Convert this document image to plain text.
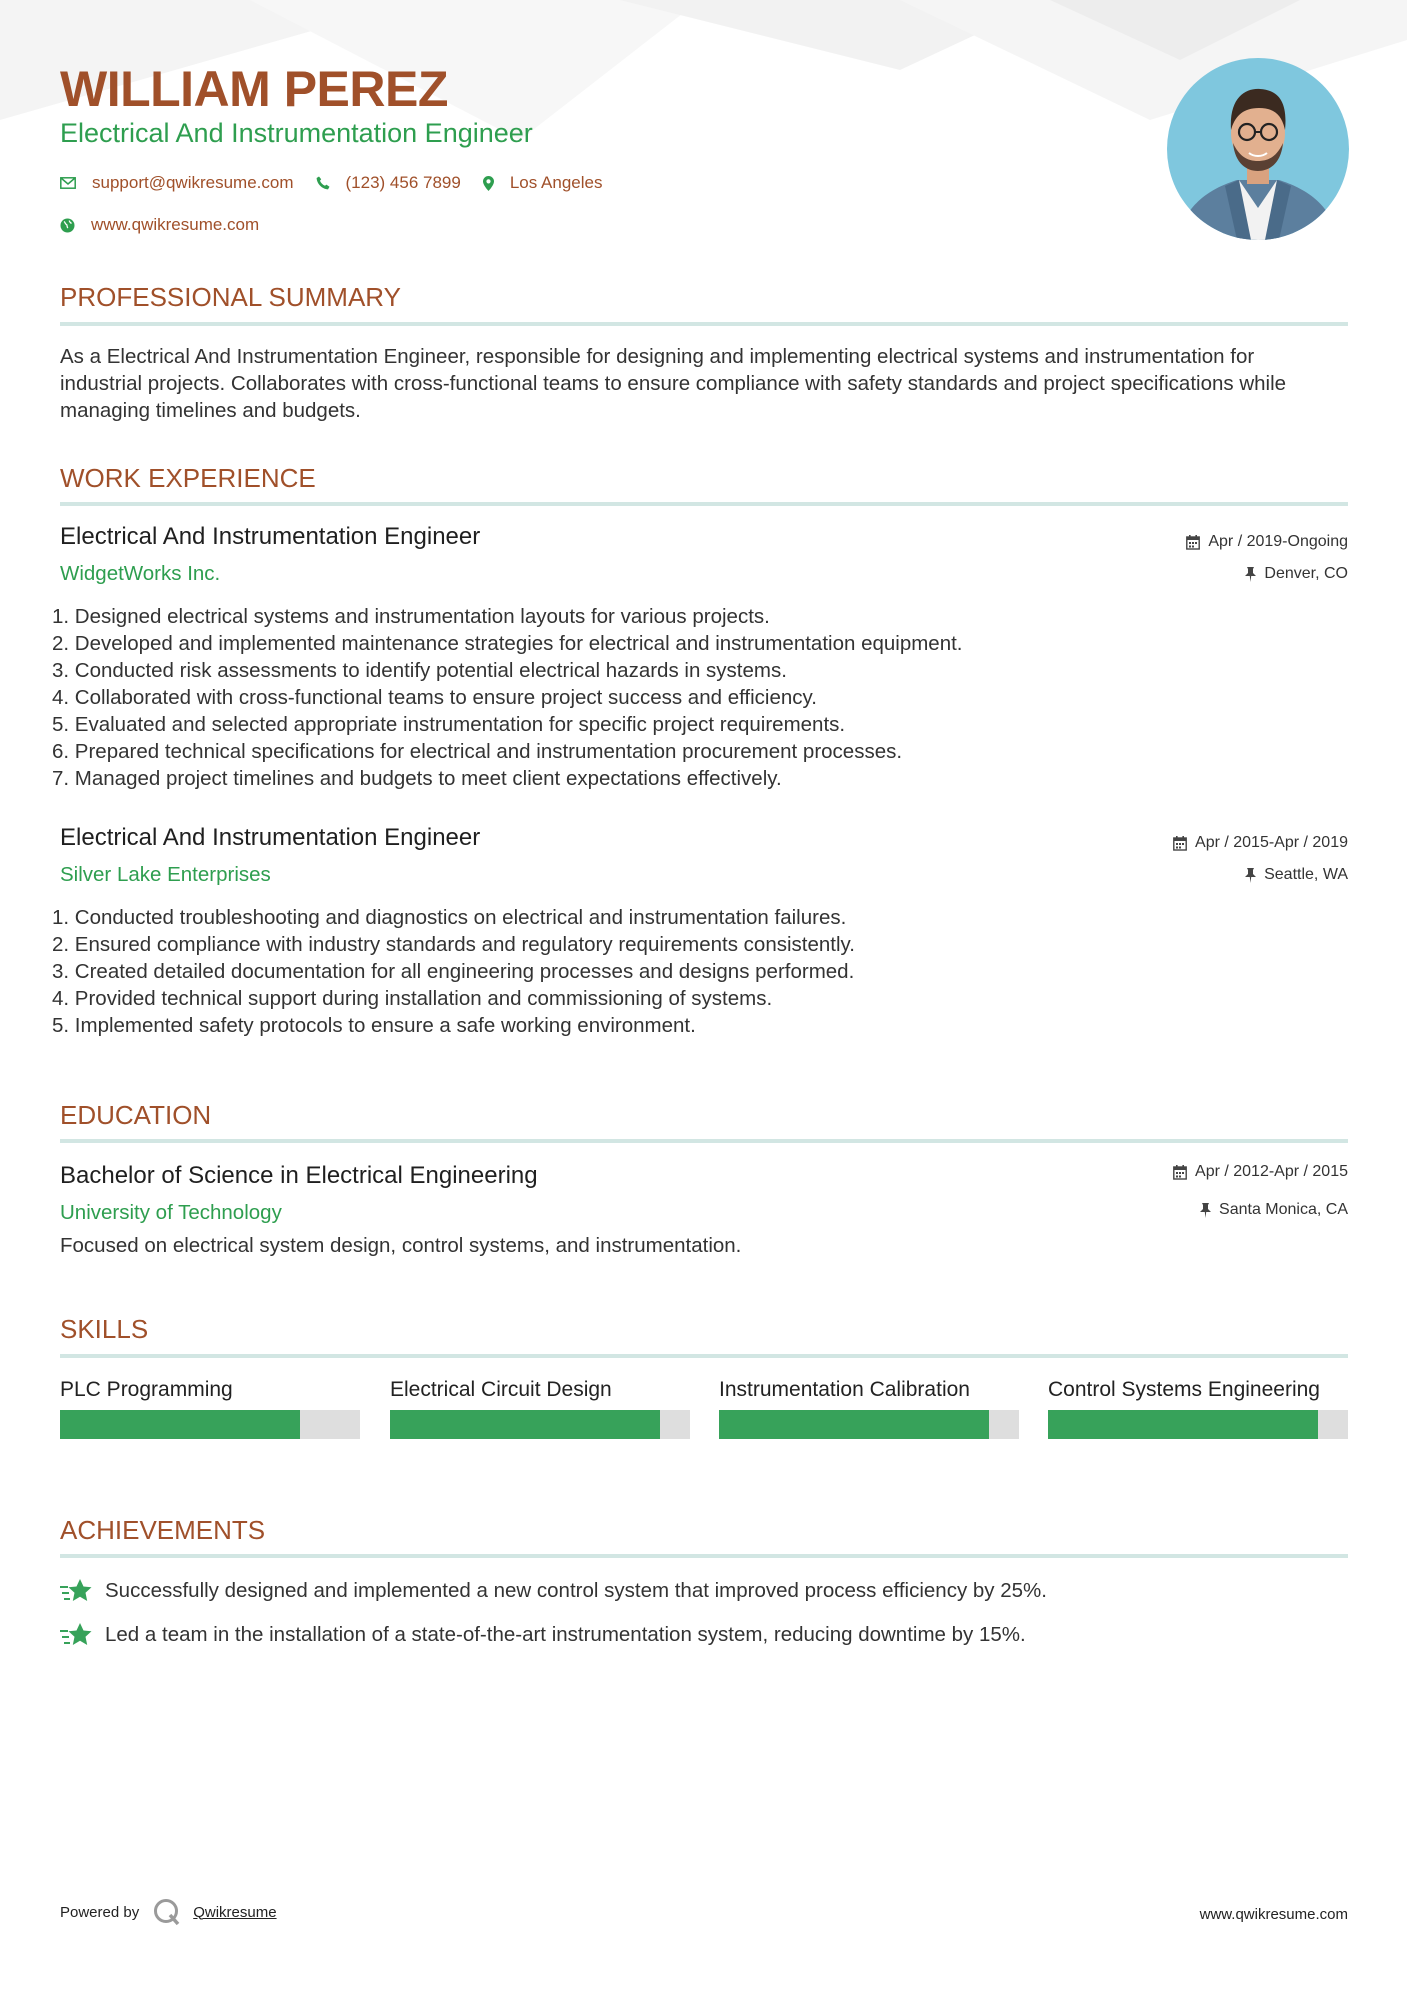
WILLIAM PEREZ
Electrical And Instrumentation Engineer
support@qwikresume.com	(123) 456 7899	Los Angeles
www.qwikresume.com
PROFESSIONAL SUMMARY

As a Electrical And Instrumentation Engineer, responsible for designing and implementing electrical systems and instrumentation for industrial projects. Collaborates with cross-functional teams to ensure compliance with safety standards and project specifications while managing timelines and budgets.

WORK EXPERIENCE
Electrical And Instrumentation Engineer
WidgetWorks Inc.
Apr / 2019-Ongoing
Denver, CO
1. Designed electrical systems and instrumentation layouts for various projects.
2. Developed and implemented maintenance strategies for electrical and instrumentation equipment.
3. Conducted risk assessments to identify potential electrical hazards in systems.
4. Collaborated with cross-functional teams to ensure project success and efficiency.
5. Evaluated and selected appropriate instrumentation for specific project requirements.
6. Prepared technical specifications for electrical and instrumentation procurement processes.
7. Managed project timelines and budgets to meet client expectations effectively.
Electrical And Instrumentation Engineer
Silver Lake Enterprises
Apr / 2015-Apr / 2019
Seattle, WA
1. Conducted troubleshooting and diagnostics on electrical and instrumentation failures.
2. Ensured compliance with industry standards and regulatory requirements consistently.
3. Created detailed documentation for all engineering processes and designs performed.
4. Provided technical support during installation and commissioning of systems.
5. Implemented safety protocols to ensure a safe working environment.
EDUCATION
Bachelor of Science in Electrical Engineering
University of Technology
Apr / 2012-Apr / 2015
Santa Monica, CA
Focused on electrical system design, control systems, and instrumentation.
SKILLS
PLC Programming	Electrical Circuit Design	Instrumentation Calibration	Control Systems Engineering
ACHIEVEMENTS
Successfully designed and implemented a new control system that improved process efficiency by 25%.
Led a team in the installation of a state-of-the-art instrumentation system, reducing downtime by 15%.
Powered by	Qwikresume	www.qwikresume.com
